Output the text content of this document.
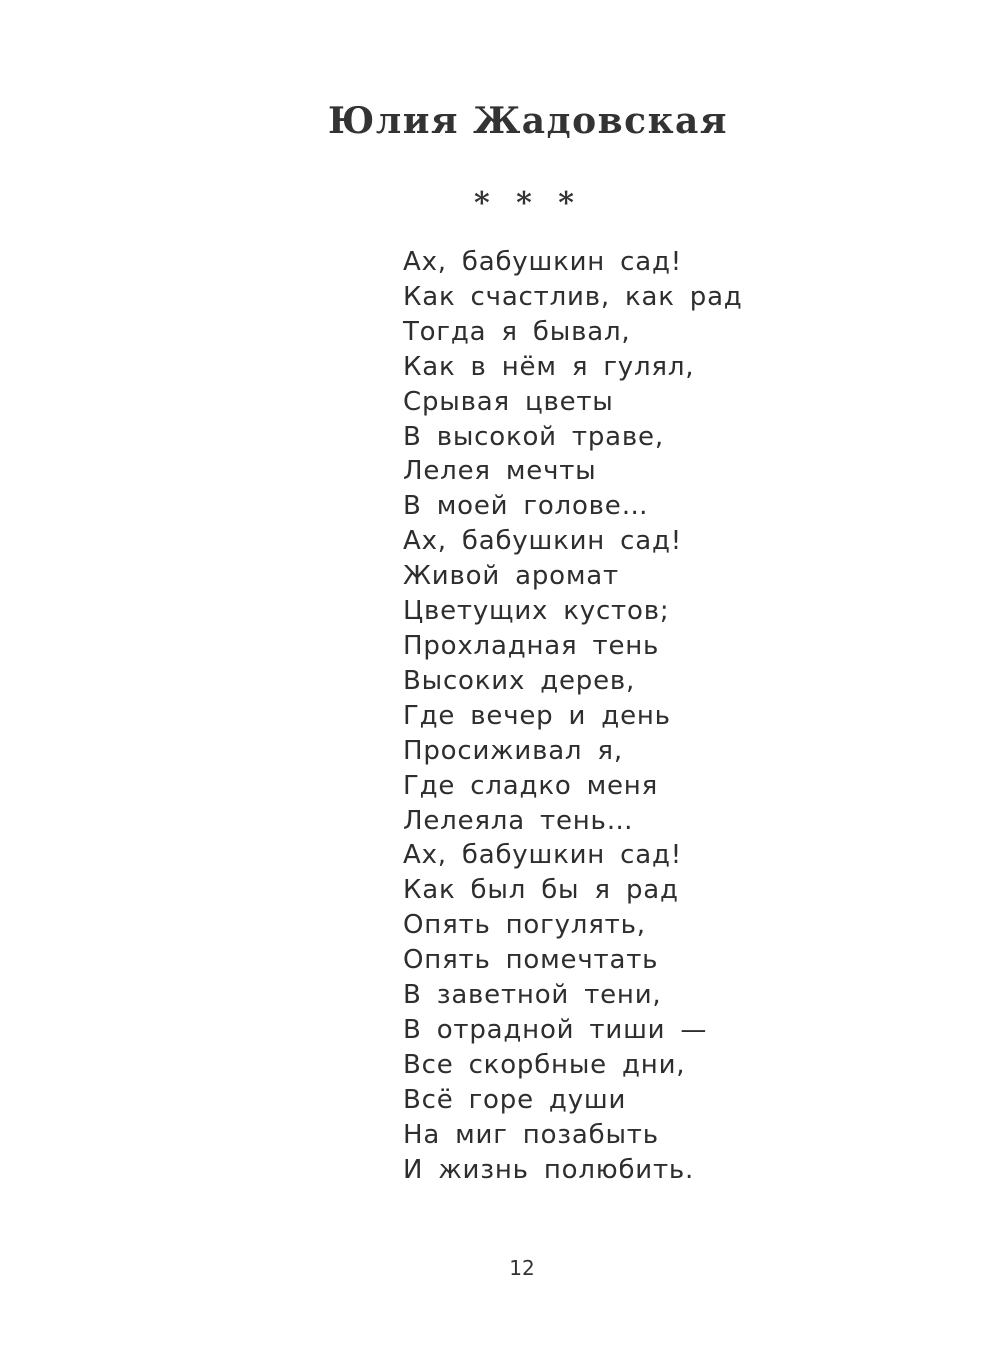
Юлия Жадовская
* * *
Ах, бабушкин сад!
Как счастлив, как рад
Тогда я бывал,
Как в нём я гулял,
Срывая цветы
В высокой траве,
Лелея мечты
В моей голове…
Ах, бабушкин сад!
Живой аромат
Цветущих кустов;
Прохладная тень
Высоких дерев,
Где вечер и день
Просиживал я,
Где сладко меня
Лелеяла тень…
Ах, бабушкин сад!
Как был бы я рад
Опять погулять,
Опять помечтать
В заветной тени,
В отрадной тиши —
Все скорбные дни,
Всё горе души
На миг позабыть
И жизнь полюбить.
12
